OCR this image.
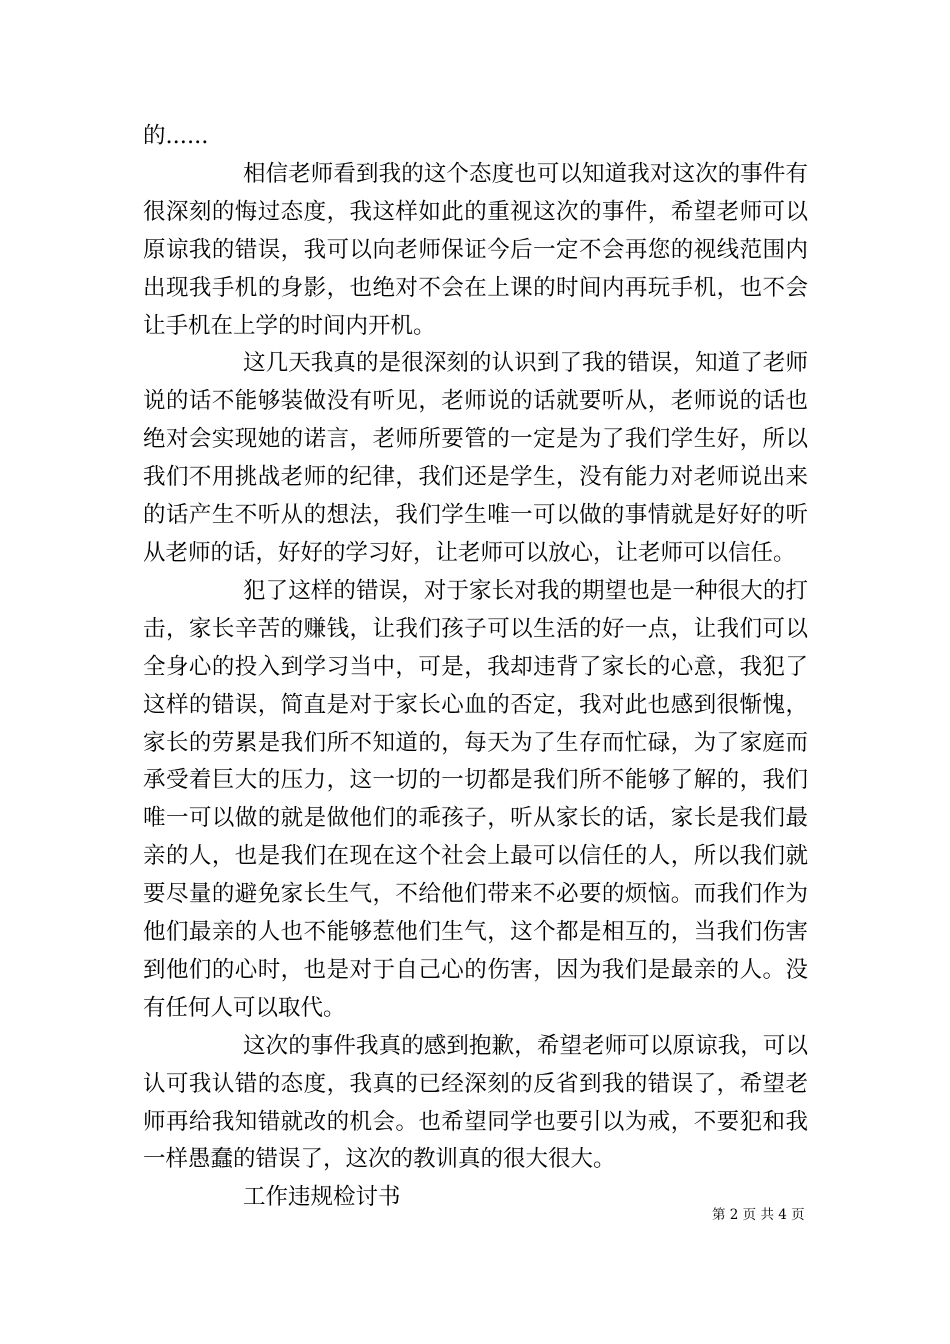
的......

相信老师看到我的这个态度也可以知道我对这次的事件有很深刻的悔过态度，我这样如此的重视这次的事件，希望老师可以原谅我的错误，我可以向老师保证今后一定不会再您的视线范围内出现我手机的身影，也绝对不会在上课的时间内再玩手机，也不会让手机在上学的时间内开机。

这几天我真的是很深刻的认识到了我的错误，知道了老师说的话不能够装做没有听见，老师说的话就要听从，老师说的话也绝对会实现她的诺言，老师所要管的一定是为了我们学生好，所以我们不用挑战老师的纪律，我们还是学生，没有能力对老师说出来的话产生不听从的想法，我们学生唯一可以做的事情就是好好的听从老师的话，好好的学习好，让老师可以放心，让老师可以信任。

犯了这样的错误，对于家长对我的期望也是一种很大的打击，家长辛苦的赚钱，让我们孩子可以生活的好一点，让我们可以全身心的投入到学习当中，可是，我却违背了家长的心意，我犯了这样的错误，简直是对于家长心血的否定，我对此也感到很惭愧，家长的劳累是我们所不知道的，每天为了生存而忙碌，为了家庭而承受着巨大的压力，这一切的一切都是我们所不能够了解的，我们唯一可以做的就是做他们的乖孩子，听从家长的话，家长是我们最亲的人，也是我们在现在这个社会上最可以信任的人，所以我们就要尽量的避免家长生气，不给他们带来不必要的烦恼。而我们作为他们最亲的人也不能够惹他们生气，这个都是相互的，当我们伤害到他们的心时，也是对于自己心的伤害，因为我们是最亲的人。没有任何人可以取代。

这次的事件我真的感到抱歉，希望老师可以原谅我，可以认可我认错的态度，我真的已经深刻的反省到我的错误了，希望老师再给我知错就改的机会。也希望同学也要引以为戒，不要犯和我一样愚蠢的错误了，这次的教训真的很大很大。

工作违规检讨书

第 2 页 共 4 页
